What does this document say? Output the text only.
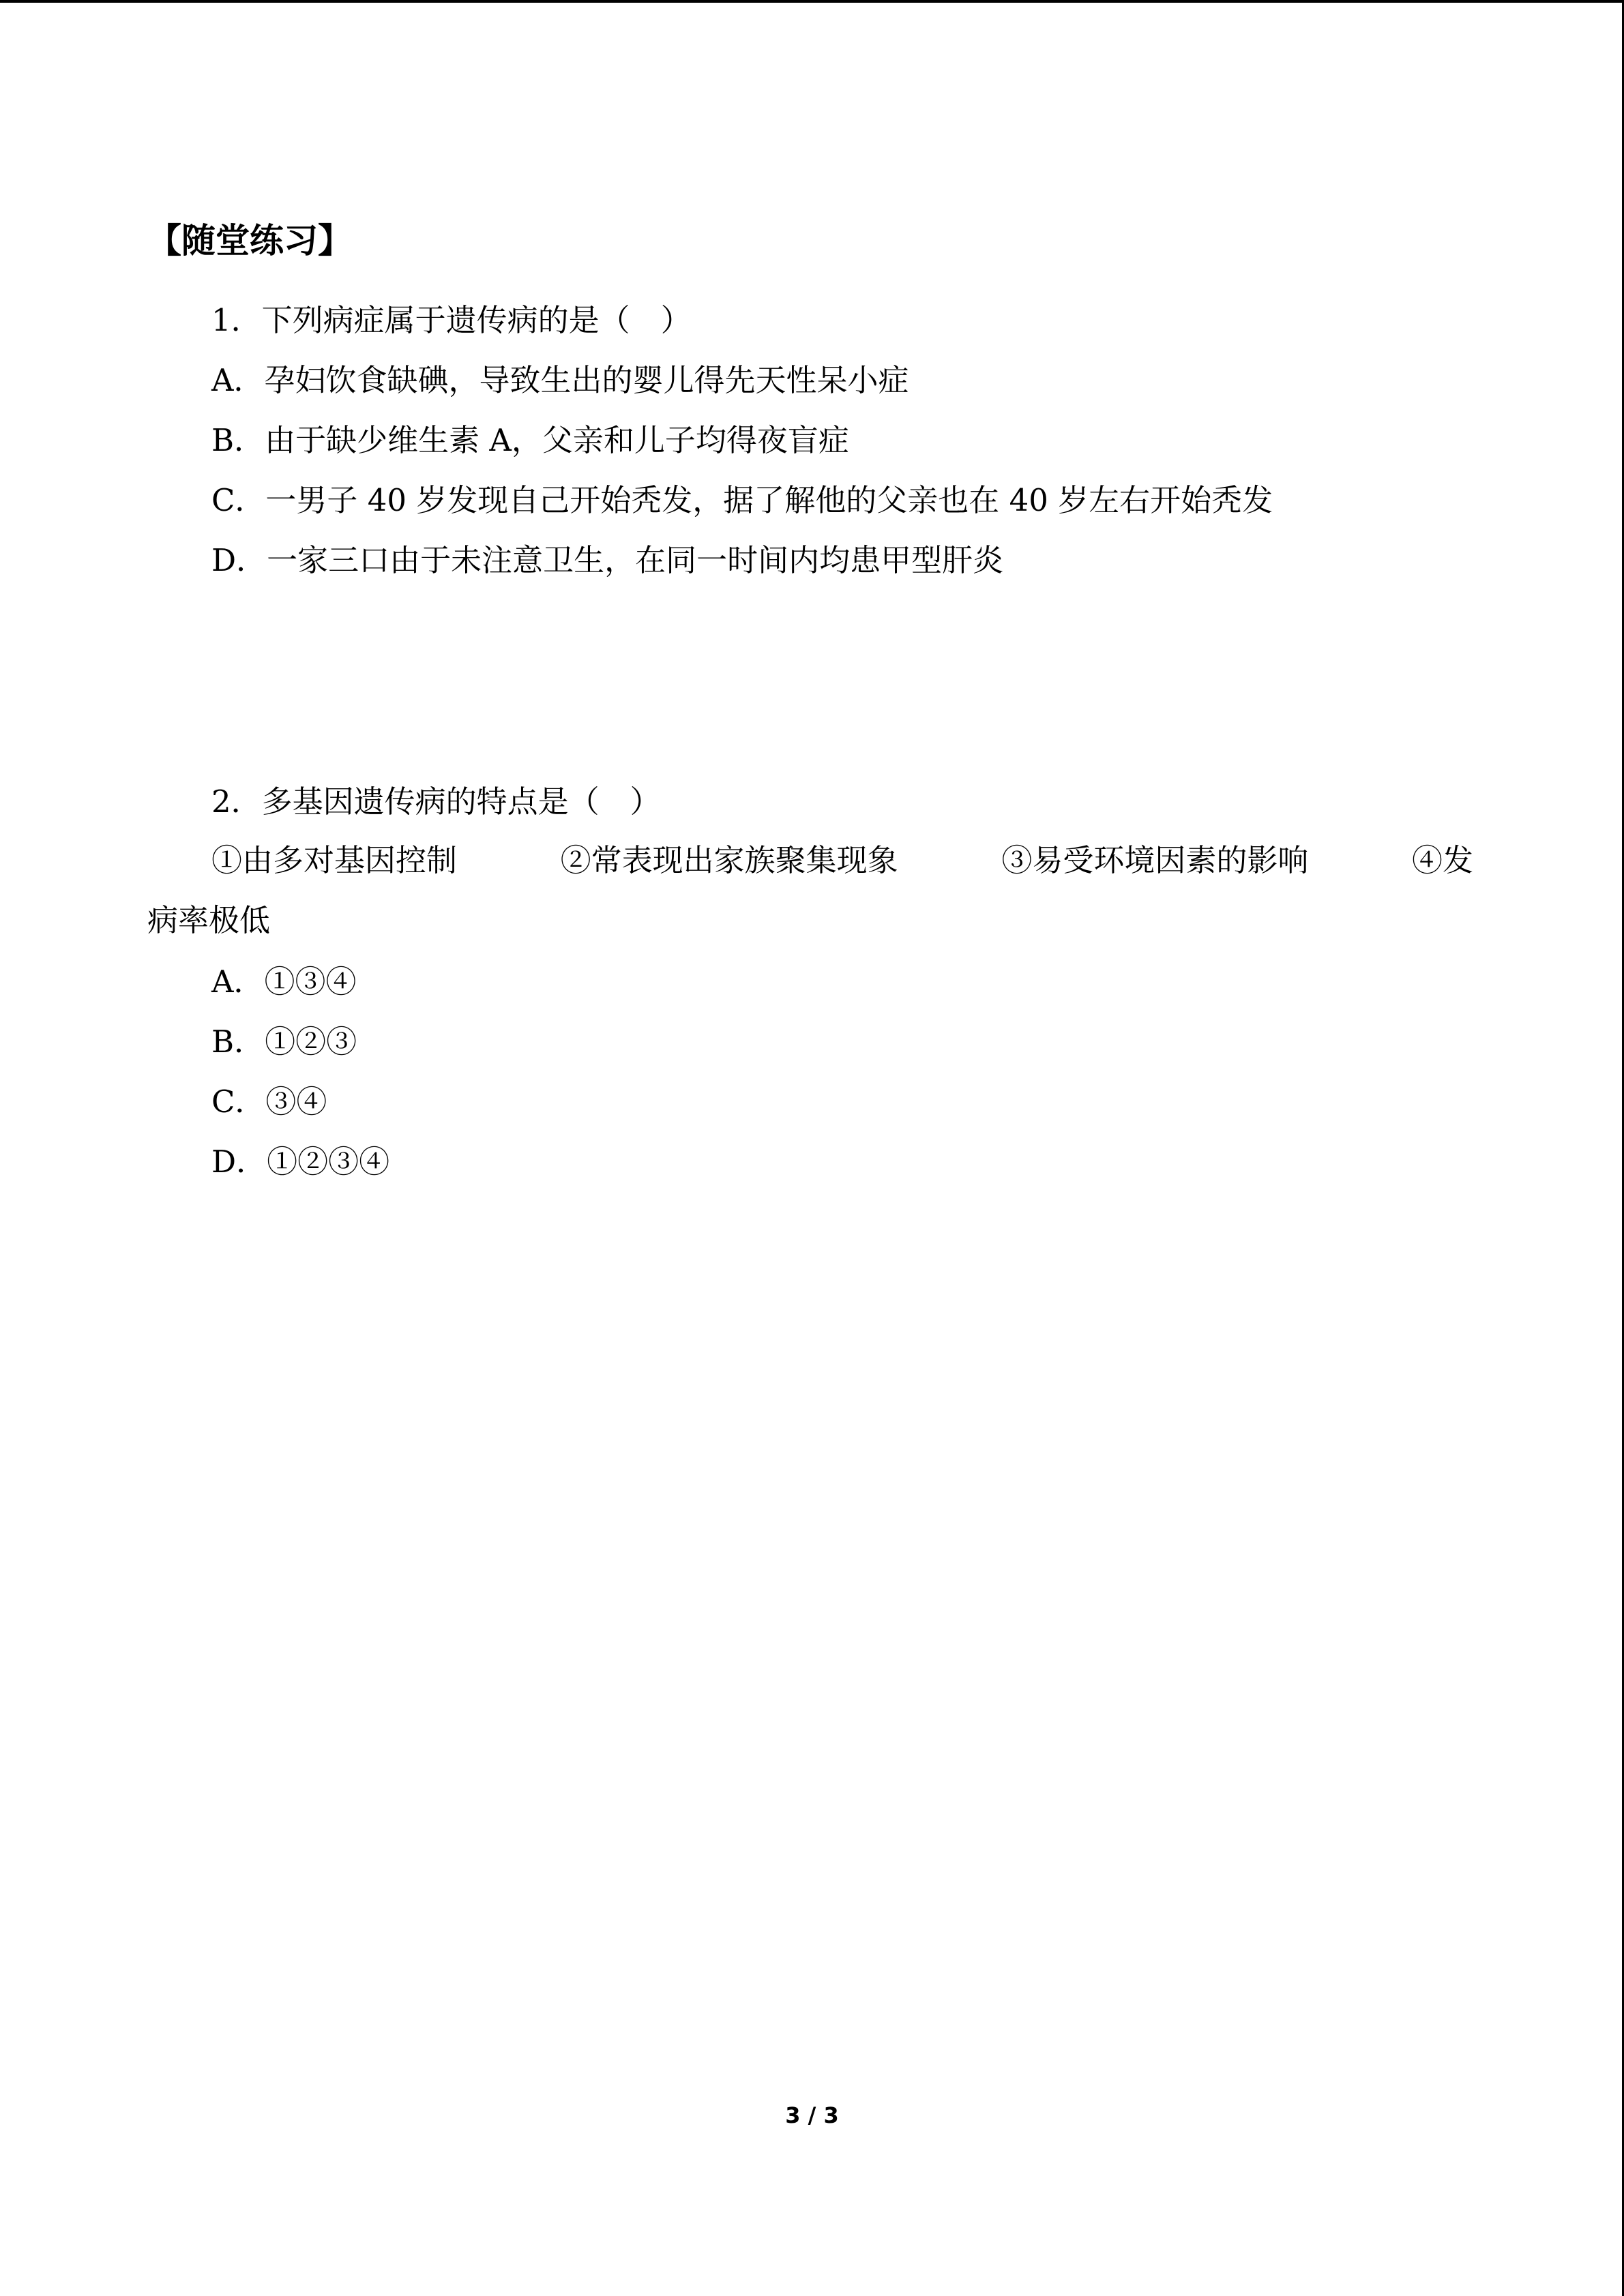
【随堂练习】
1．下列病症属于遗传病的是（　）
A．孕妇饮食缺碘，导致生出的婴儿得先天性呆小症
B．由于缺少维生素 A，父亲和儿子均得夜盲症
C．一男子 40 岁发现自己开始秃发，据了解他的父亲也在 40 岁左右开始秃发
D．一家三口由于未注意卫生，在同一时间内均患甲型肝炎
2．多基因遗传病的特点是（　）
①由多对基因控制	②常表现出家族聚集现象	③易受环境因素的影响	④发
病率极低
A．①③④
B．①②③
C．③④
D．①②③④
3 / 3
